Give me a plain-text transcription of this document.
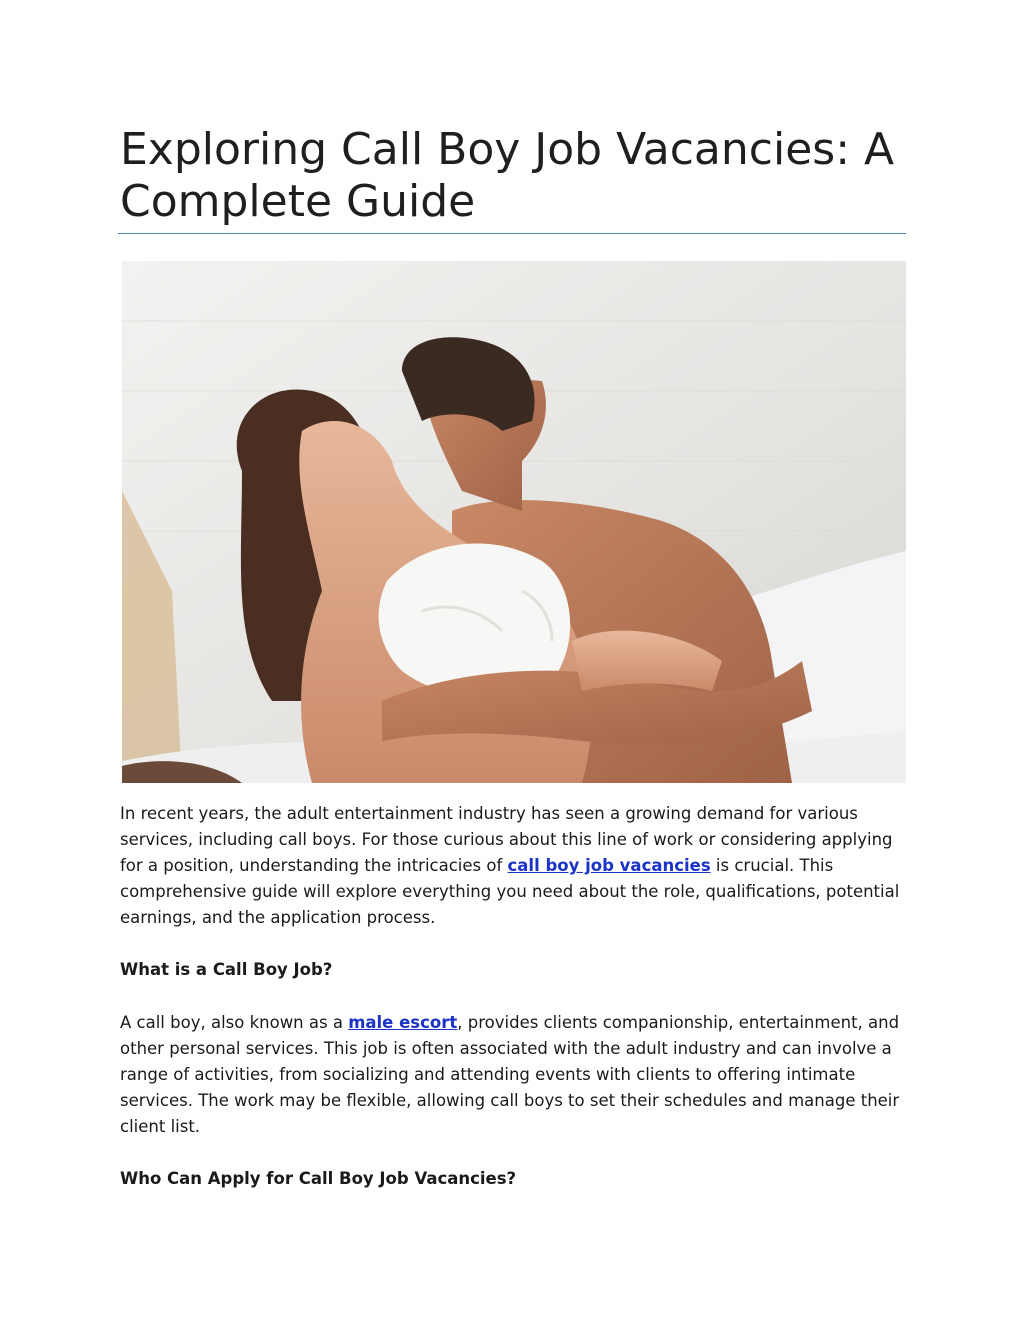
Exploring Call Boy Job Vacancies: A Complete Guide

In recent years, the adult entertainment industry has seen a growing demand for various services, including call boys. For those curious about this line of work or considering applying for a position, understanding the intricacies of call boy job vacancies is crucial. This comprehensive guide will explore everything you need about the role, qualifications, potential earnings, and the application process.

What is a Call Boy Job?

A call boy, also known as a male escort, provides clients companionship, entertainment, and other personal services. This job is often associated with the adult industry and can involve a range of activities, from socializing and attending events with clients to offering intimate services. The work may be flexible, allowing call boys to set their schedules and manage their client list.

Who Can Apply for Call Boy Job Vacancies?
